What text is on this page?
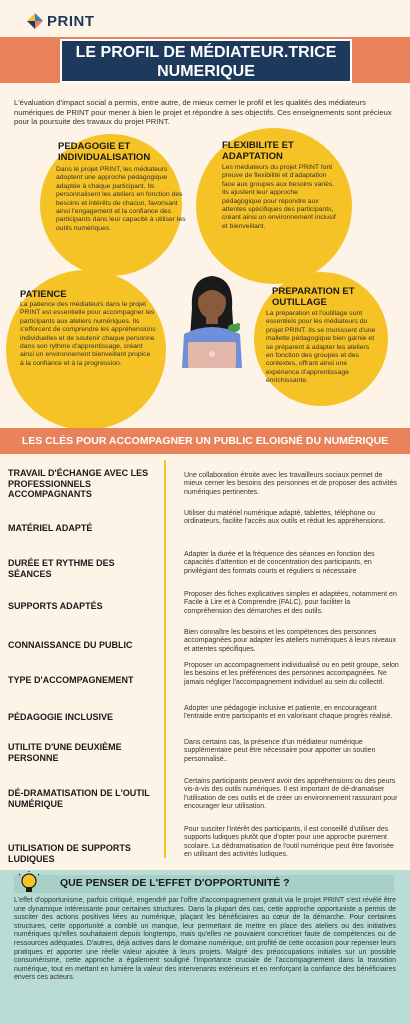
PRINT
LE PROFIL DE MÉDIATEUR.TRICE
NUMERIQUE

L'évaluation d'impact social a permis, entre autre, de mieux cerner le profil et les qualités des médiateurs numériques de PRINT pour mener à bien le projet et répondre à ses objectifs. Ces enseignements sont précieux pour la poursuite des travaux du projet PRINT.

PEDAGOGIE ET INDIVIDUALISATION
Dans le projet PRINT, les médiateurs adoptent une approche pédagogique adaptée à chaque participant. Ils personnalisent les ateliers en fonction des besoins et intérêts de chacun, favorisant ainsi l'engagement et la confiance des participants dans leur capacité à utiliser les outils numériques.
FLEXIBILITE ET ADAPTATION
Les médiateurs du projet PRINT font preuve de flexibilité et d'adaptation face aux groupes aux besoins variés. Ils ajustent leur approche pédagogique pour répondre aux attentes spécifiques des participants, créant ainsi un environnement inclusif et bienveillant.
PATIENCE
La patience des médiateurs dans le projet PRINT est essentielle pour accompagner les participants aux ateliers numériques. Ils s'efforcent de comprendre les appréhensions individuelles et de soutenir chaque personne dans son rythme d'apprentissage, créant ainsi un environnement bienveillant propice à la confiance et à la progression.
PREPARATION ET OUTILLAGE
La préparation et l'outillage sont essentiels pour les médiateurs du projet PRINT. Ils se munissent d'une mallette pédagogique bien garnie et se préparent à adapter les ateliers en fonction des groupes et des contextes, offrant ainsi une expérience d'apprentissage enrichissante.
LES CLÉS POUR ACCOMPAGNER UN PUBLIC ELOIGNÉ DU NUMÉRIQUE
TRAVAIL D'ÉCHANGE AVEC LES PROFESSIONNELS ACCOMPAGNANTS
Une collaboration étroite avec les travailleurs sociaux permet de mieux cerner les besoins des personnes et de proposer des activités numériques pertinentes.
MATÉRIEL ADAPTÉ
Utiliser du matériel numérique adapté, tablettes, téléphone ou ordinateurs, facilite l'accès aux outils et réduit les appréhensions.
DURÉE ET RYTHME DES SÉANCES
Adapter la durée et la fréquence des séances en fonction des capacités d'attention et de concentration des participants, en privilégiant des formats courts et réguliers si nécessaire
SUPPORTS ADAPTÉS
Proposer des fiches explicatives simples et adaptées, notamment en Facile à Lire et à Comprendre (FALC), pour faciliter la compréhension des démarches et des outils.
CONNAISSANCE DU PUBLIC
Bien connaître les besoins et les compétences des personnes accompagnées pour adapter les ateliers numériques à leurs niveaux et attentes spécifiques.
TYPE D'ACCOMPAGNEMENT
Proposer un accompagnement individualisé ou en petit groupe, selon les besoins et les préférences des personnes accompagnées. Ne jamais négliger l'accompagnement individuel au sein du collectif.
PÉDAGOGIE INCLUSIVE
Adopter une pédagogie inclusive et patiente, en encourageant l'entraide entre participants et en valorisant chaque progrès réalisé.
UTILITE D'UNE DEUXIÈME PERSONNE
Dans certains cas, la présence d'un médiateur numérique supplémentaire peut être nécessaire pour apporter un soutien personnalisé..
DÉ-DRAMATISATION DE L'OUTIL NUMÉRIQUE
Certains participants peuvent avoir des appréhensions ou des peurs vis-à-vis des outils numériques. Il est important de dé-dramatiser l'utilisation de ces outils et de créer un environnement rassurant pour encourager leur utilisation.
UTILISATION DE SUPPORTS LUDIQUES
Pour susciter l'intérêt des participants, il est conseillé d'utiliser des supports ludiques plutôt que d'opter pour une approche purement scolaire. La dédramatisation de l'outil numérique peut être favorisée en utilisant des activités ludiques.
QUE PENSER DE L'EFFET D'OPPORTUNITÉ ?

L'effet d'opportunisme, parfois critiqué, engendré par l'offre d'accompagnement gratuit via le projet PRINT s'est révélé être une dynamique intéressante pour certaines structures. Dans la plupart des cas, cette approche opportuniste a permis de susciter des actions positives liées au numérique, plaçant les bénéficiaires au cœur de la démarche. Pour certaines structures, cette opportunité a comblé un manque, leur permettant de mettre en place des ateliers ou des initiatives numériques qu'elles souhaitaient depuis longtemps, mais qu'elles ne pouvaient concrétiser faute de compétences ou de ressources adéquates. D'autres, déjà actives dans le domaine numérique, ont profité de cette occasion pour repenser leurs pratiques et apporter une réelle valeur ajoutée à leurs projets. Malgré des préoccupations initiales sur un possible consumérisme, cette approche a également souligné l'importance cruciale de l'accompagnement dans la transition numérique, tout en mettant en lumière la valeur des intervenants extérieurs et en renforçant la confiance des bénéficiaires envers ces acteurs.
